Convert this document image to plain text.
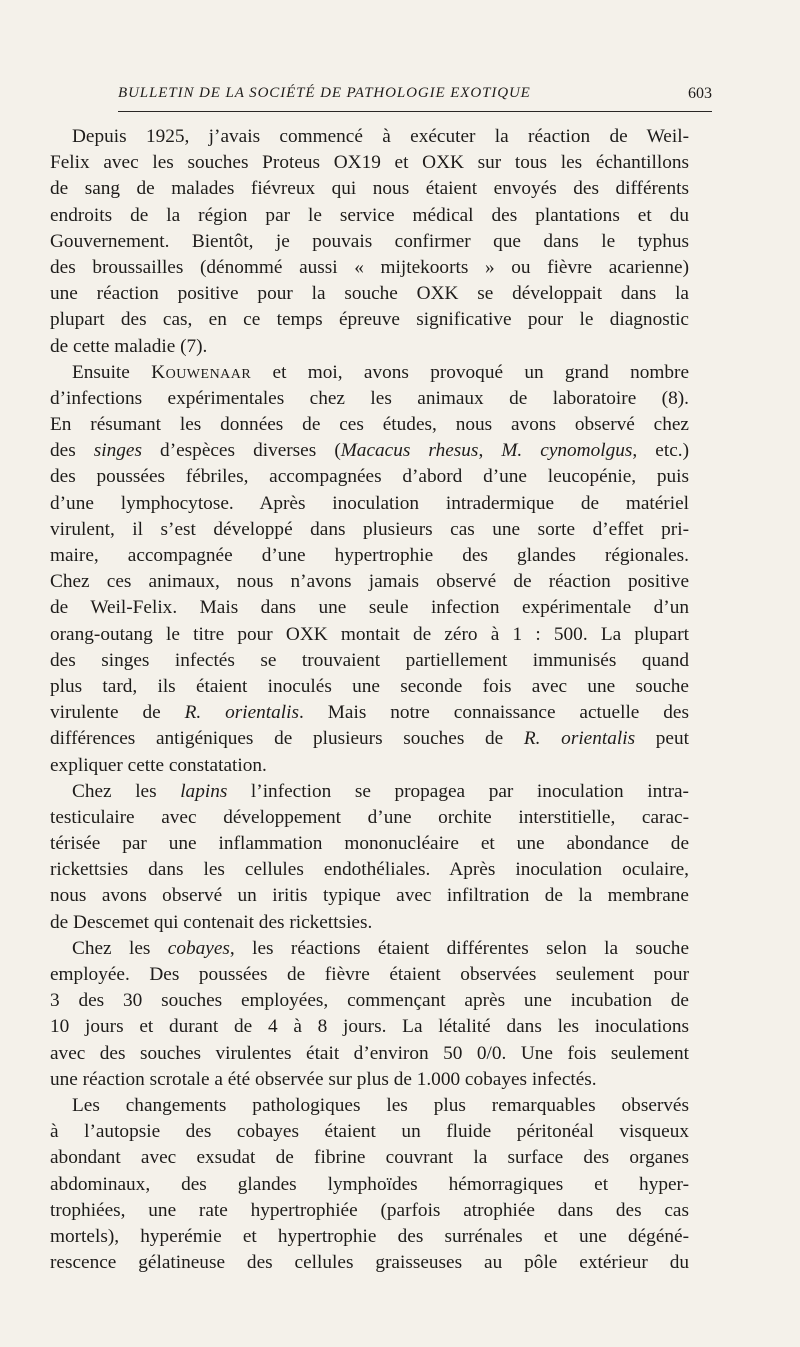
BULLETIN DE LA SOCIÉTÉ DE PATHOLOGIE EXOTIQUE	603
Depuis 1925, j’avais commencé à exécuter la réaction de Weil-
Felix avec les souches Proteus OX19 et OXK sur tous les échantillons
de sang de malades fiévreux qui nous étaient envoyés des différents
endroits de la région par le service médical des plantations et du
Gouvernement. Bientôt, je pouvais confirmer que dans le typhus
des broussailles (dénommé aussi « mijtekoorts » ou fièvre acarienne)
une réaction positive pour la souche OXK se développait dans la
plupart des cas, en ce temps épreuve significative pour le diagnostic
de cette maladie (7).
Ensuite Kouwenaar et moi, avons provoqué un grand nombre
d’infections expérimentales chez les animaux de laboratoire (8).
En résumant les données de ces études, nous avons observé chez
des singes d’espèces diverses (Macacus rhesus, M. cynomolgus, etc.)
des poussées fébriles, accompagnées d’abord d’une leucopénie, puis
d’une lymphocytose. Après inoculation intradermique de matériel
virulent, il s’est développé dans plusieurs cas une sorte d’effet pri-
maire, accompagnée d’une hypertrophie des glandes régionales.
Chez ces animaux, nous n’avons jamais observé de réaction positive
de Weil-Felix. Mais dans une seule infection expérimentale d’un
orang-outang le titre pour OXK montait de zéro à 1 : 500. La plupart
des singes infectés se trouvaient partiellement immunisés quand
plus tard, ils étaient inoculés une seconde fois avec une souche
virulente de R. orientalis. Mais notre connaissance actuelle des
différences antigéniques de plusieurs souches de R. orientalis peut
expliquer cette constatation.
Chez les lapins l’infection se propagea par inoculation intra-
testiculaire avec développement d’une orchite interstitielle, carac-
térisée par une inflammation mononucléaire et une abondance de
rickettsies dans les cellules endothéliales. Après inoculation oculaire,
nous avons observé un iritis typique avec infiltration de la membrane
de Descemet qui contenait des rickettsies.
Chez les cobayes, les réactions étaient différentes selon la souche
employée. Des poussées de fièvre étaient observées seulement pour
3 des 30 souches employées, commençant après une incubation de
10 jours et durant de 4 à 8 jours. La létalité dans les inoculations
avec des souches virulentes était d’environ 50 0/0. Une fois seulement
une réaction scrotale a été observée sur plus de 1.000 cobayes infectés.
Les changements pathologiques les plus remarquables observés
à l’autopsie des cobayes étaient un fluide péritonéal visqueux
abondant avec exsudat de fibrine couvrant la surface des organes
abdominaux, des glandes lymphoïdes hémorragiques et hyper-
trophiées, une rate hypertrophiée (parfois atrophiée dans des cas
mortels), hyperémie et hypertrophie des surrénales et une dégéné-
rescence gélatineuse des cellules graisseuses au pôle extérieur du
